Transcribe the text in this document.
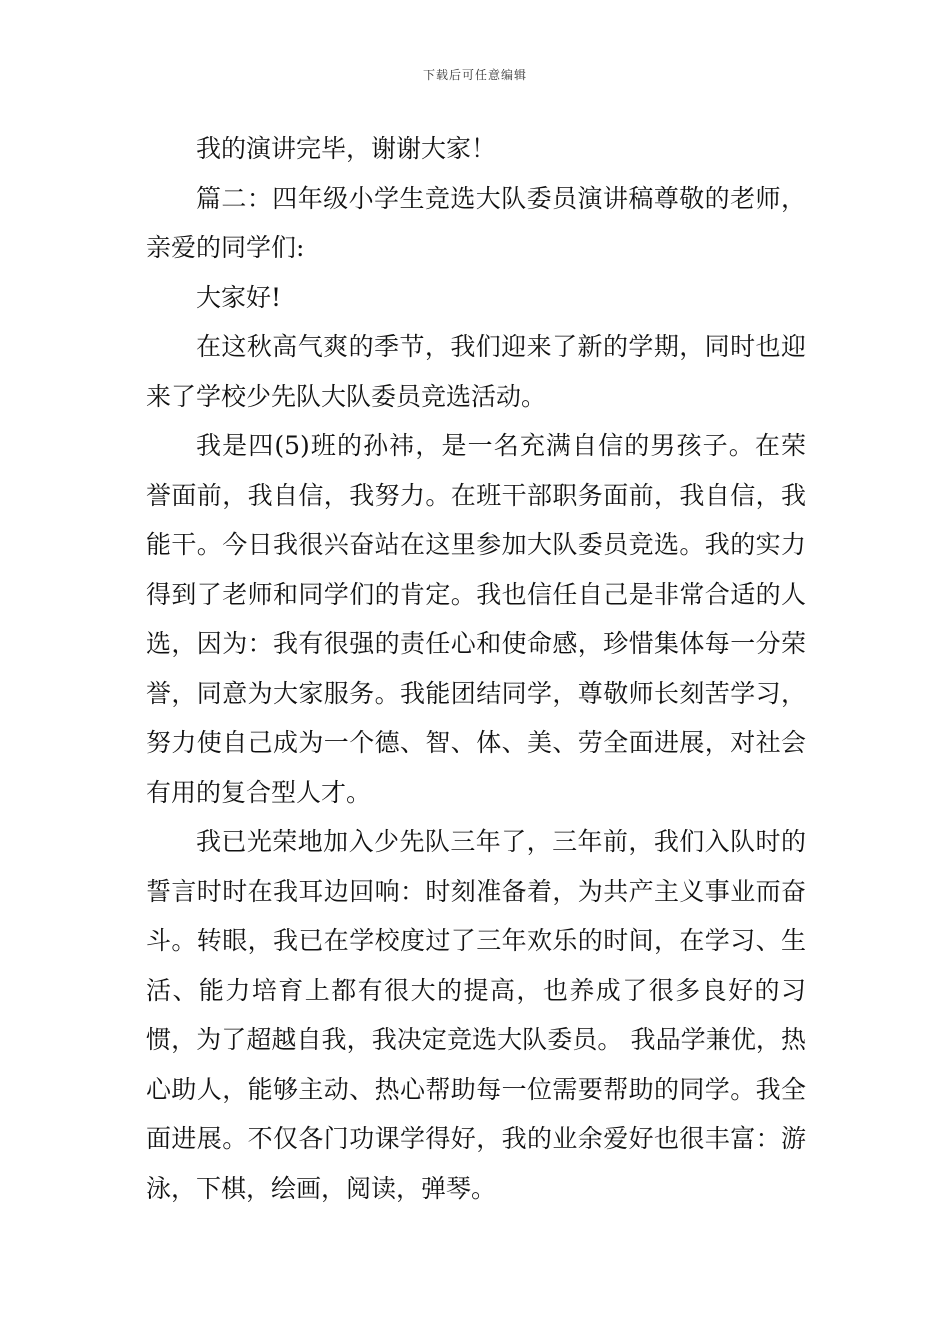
下载后可任意编辑

我的演讲完毕，谢谢大家！

篇二：四年级小学生竞选大队委员演讲稿尊敬的老师，亲爱的同学们:

大家好!

在这秋高气爽的季节，我们迎来了新的学期，同时也迎来了学校少先队大队委员竞选活动。

我是四(5)班的孙祎，是一名充满自信的男孩子。在荣誉面前，我自信，我努力。在班干部职务面前，我自信，我能干。今日我很兴奋站在这里参加大队委员竞选。我的实力得到了老师和同学们的肯定。我也信任自己是非常合适的人选，因为：我有很强的责任心和使命感，珍惜集体每一分荣誉，同意为大家服务。我能团结同学，尊敬师长刻苦学习，努力使自己成为一个德、智、体、美、劳全面进展，对社会有用的复合型人才。

我已光荣地加入少先队三年了，三年前，我们入队时的誓言时时在我耳边回响：时刻准备着，为共产主义事业而奋斗。转眼，我已在学校度过了三年欢乐的时间，在学习、生活、能力培育上都有很大的提高，也养成了很多良好的习惯，为了超越自我，我决定竞选大队委员。 我品学兼优，热心助人，能够主动、热心帮助每一位需要帮助的同学。我全面进展。不仅各门功课学得好，我的业余爱好也很丰富：游泳，下棋，绘画，阅读，弹琴。
